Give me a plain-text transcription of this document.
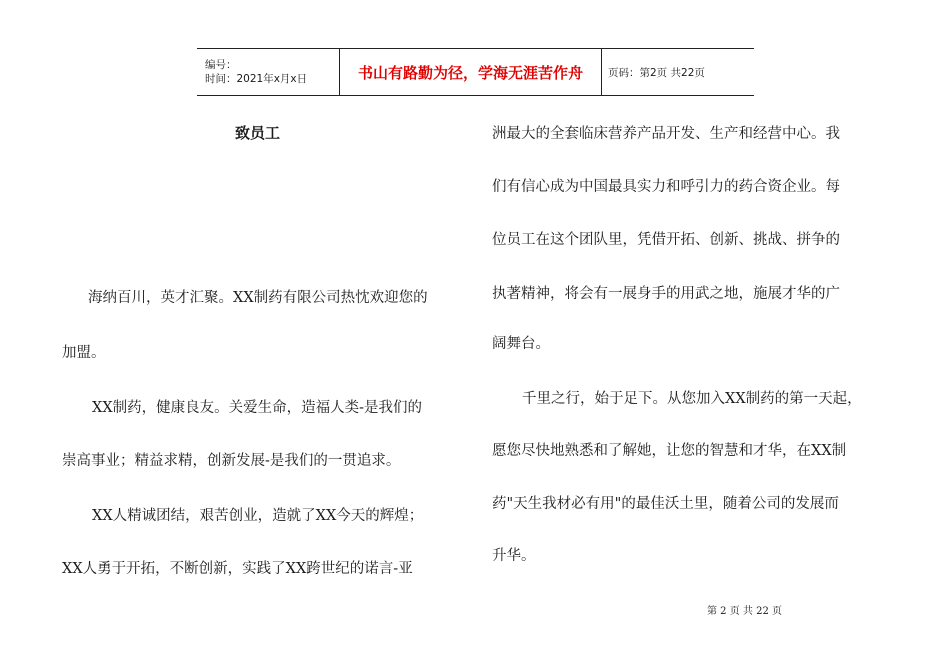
编号：
时间：2021年x月x日	书山有路勤为径，学海无涯苦作舟 页码：第2页 共22页
致员工
海纳百川，英才汇聚。XX制药有限公司热忱欢迎您的
加盟。
XX制药，健康良友。关爱生命，造福人类-是我们的
崇高事业；精益求精，创新发展-是我们的一贯追求。
XX人精诚团结，艰苦创业，造就了XX今天的辉煌；
XX人勇于开拓，不断创新，实践了XX跨世纪的诺言-亚
洲最大的全套临床营养产品开发、生产和经营中心。我
们有信心成为中国最具实力和呼引力的药合资企业。每
位员工在这个团队里，凭借开拓、创新、挑战、拼争的
执著精神，将会有一展身手的用武之地，施展才华的广
阔舞台。
千里之行，始于足下。从您加入XX制药的第一天起，
愿您尽快地熟悉和了解她，让您的智慧和才华，在XX制
药"天生我材必有用"的最佳沃土里，随着公司的发展而
升华。
第 2 页 共 22 页
